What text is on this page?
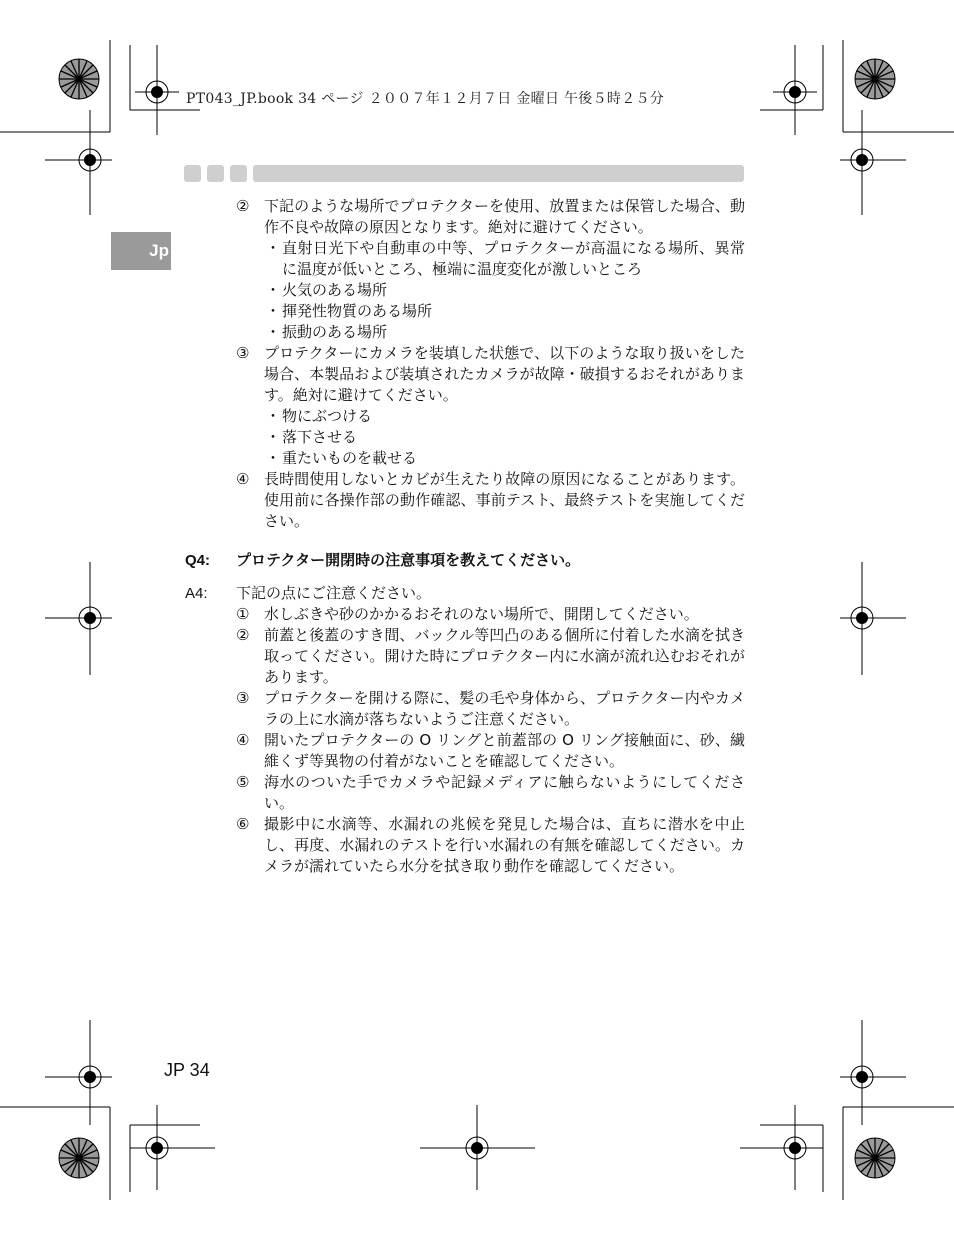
PT043_JP.book 34 ページ ２００７年１２月７日 金曜日 午後５時２５分
Jp
② 下記のような場所でプロテクターを使用、放置または保管した場合、動作不良や故障の原因となります。絶対に避けてください。
・ 直射日光下や自動車の中等、プロテクターが高温になる場所、異常に温度が低いところ、極端に温度変化が激しいところ
・ 火気のある場所
・ 揮発性物質のある場所
・ 振動のある場所
③ プロテクターにカメラを装填した状態で、以下のような取り扱いをした場合、本製品および装填されたカメラが故障・破損するおそれがあります。絶対に避けてください。
・ 物にぶつける
・ 落下させる
・ 重たいものを載せる
④ 長時間使用しないとカビが生えたり故障の原因になることがあります。使用前に各操作部の動作確認、事前テスト、最終テストを実施してください。
Q4:	プロテクター開閉時の注意事項を教えてください。
A4:	下記の点にご注意ください。
① 水しぶきや砂のかかるおそれのない場所で、開閉してください。
② 前蓋と後蓋のすき間、バックル等凹凸のある個所に付着した水滴を拭き取ってください。開けた時にプロテクター内に水滴が流れ込むおそれがあります。
③ プロテクターを開ける際に、髪の毛や身体から、プロテクター内やカメラの上に水滴が落ちないようご注意ください。
④ 開いたプロテクターの O リングと前蓋部の O リング接触面に、砂、繊維くず等異物の付着がないことを確認してください。
⑤ 海水のついた手でカメラや記録メディアに触らないようにしてください。
⑥ 撮影中に水滴等、水漏れの兆候を発見した場合は、直ちに潜水を中止し、再度、水漏れのテストを行い水漏れの有無を確認してください。カメラが濡れていたら水分を拭き取り動作を確認してください。
JP 34
